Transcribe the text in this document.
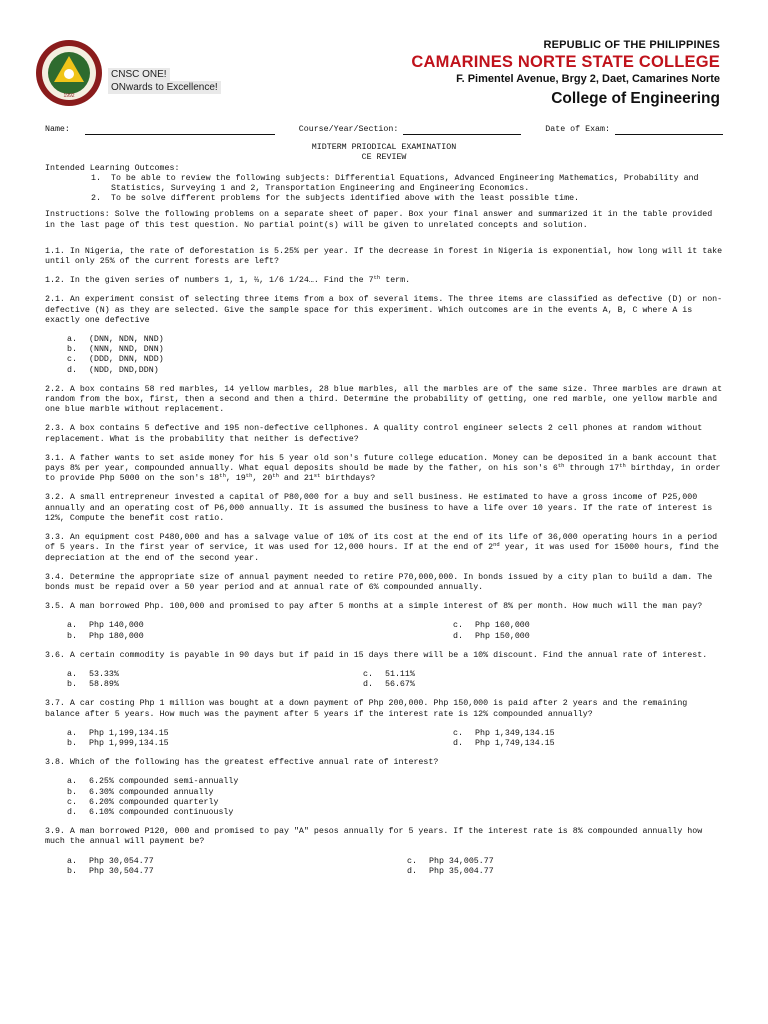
1992
CNSC ONE!
ONwards to Excellence!
REPUBLIC OF THE PHILIPPINES
CAMARINES NORTE STATE COLLEGE
F. Pimentel Avenue, Brgy 2, Daet, Camarines Norte
College of Engineering
Name:	Course/Year/Section:	Date of Exam:

MIDTERM PRIODICAL EXAMINATION

CE REVIEW

Intended Learning Outcomes:

1.	To be able to review the following subjects: Differential Equations, Advanced Engineering Mathematics, Probability and Statistics, Surveying 1 and 2, Transportation Engineering and Engineering Economics.
2.	To be solve different problems for the subjects identified above with the least possible time.

Instructions: Solve the following problems on a separate sheet of paper. Box your final answer and summarized it in the table provided in the last page of this test question. No partial point(s) will be given to unrelated concepts and solution.

1.1. In Nigeria, the rate of deforestation is 5.25% per year. If the decrease in forest in Nigeria is exponential, how long will it take until only 25% of the current forests are left?

1.2. In the given series of numbers 1, 1, ⅔, 1/6 1/24…. Find the 7th term.

2.1. An experiment consist of selecting three items from a box of several items. The three items are classified as defective (D) or non-defective (N) as they are selected. Give the sample space for this experiment. Which outcomes are in the events A, B, C where A is exactly one defective

a.	(DNN, NDN, NND)
b.	(NNN, NND, DNN)
c.	(DDD, DNN, NDD)
d.	(NDD, DND,DDN)

2.2. A box contains 58 red marbles, 14 yellow marbles, 28 blue marbles, all the marbles are of the same size. Three marbles are drawn at random from the box, first, then a second and then a third. Determine the probability of getting, one red marble, one yellow marble and one blue marble without replacement.

2.3. A box contains 5 defective and 195 non-defective cellphones. A quality control engineer selects 2 cell phones at random without replacement. What is the probability that neither is defective?

3.1. A father wants to set aside money for his 5 year old son's future college education. Money can be deposited in a bank account that pays 8% per year, compounded annually. What equal deposits should be made by the father, on his son's 6th through 17th birthday, in order to provide Php 5000 on the son's 18th, 19th, 20th and 21st birthdays?

3.2. A small entrepreneur invested a capital of P80,000 for a buy and sell business. He estimated to have a gross income of P25,000 annually and an operating cost of P6,000 annually. It is assumed the business to have a life over 10 years. If the rate of interest is 12%, Compute the benefit cost ratio.

3.3. An equipment cost P480,000 and has a salvage value of 10% of its cost at the end of its life of 36,000 operating hours in a period of 5 years. In the first year of service, it was used for 12,000 hours. If at the end of 2nd year, it was used for 15000 hours, find the depreciation at the end of the second year.

3.4. Determine the appropriate size of annual payment needed to retire P70,000,000. In bonds issued by a city plan to build a dam. The bonds must be repaid over a 50 year period and at annual rate of 6% compounded annually.

3.5. A man borrowed Php. 100,000 and promised to pay after 5 months at a simple interest of 8% per month. How much will the man pay?

a.	Php 140,000	c.	Php 160,000
b.	Php 180,000	d.	Php 150,000

3.6. A certain commodity is payable in 90 days but if paid in 15 days there will be a 10% discount. Find the annual rate of interest.

a.	53.33%	c.	51.11%
b.	58.89%	d.	56.67%

3.7. A car costing Php 1 million was bought at a down payment of Php 200,000. Php 150,000 is paid after 2 years and the remaining balance after 5 years. How much was the payment after 5 years if the interest rate is 12% compounded annually?

a.	Php 1,199,134.15	c.	Php 1,349,134.15
b.	Php 1,999,134.15	d.	Php 1,749,134.15

3.8. Which of the following has the greatest effective annual rate of interest?

a.	6.25% compounded semi-annually
b.	6.30% compounded annually
c.	6.20% compounded quarterly
d.	6.10% compounded continuously

3.9. A man borrowed P120, 000 and promised to pay "A" pesos annually for 5 years. If the interest rate is 8% compounded annually how much the annual will payment be?

a.	Php 30,054.77	c.	Php 34,005.77
b.	Php 30,504.77	d.	Php 35,004.77
